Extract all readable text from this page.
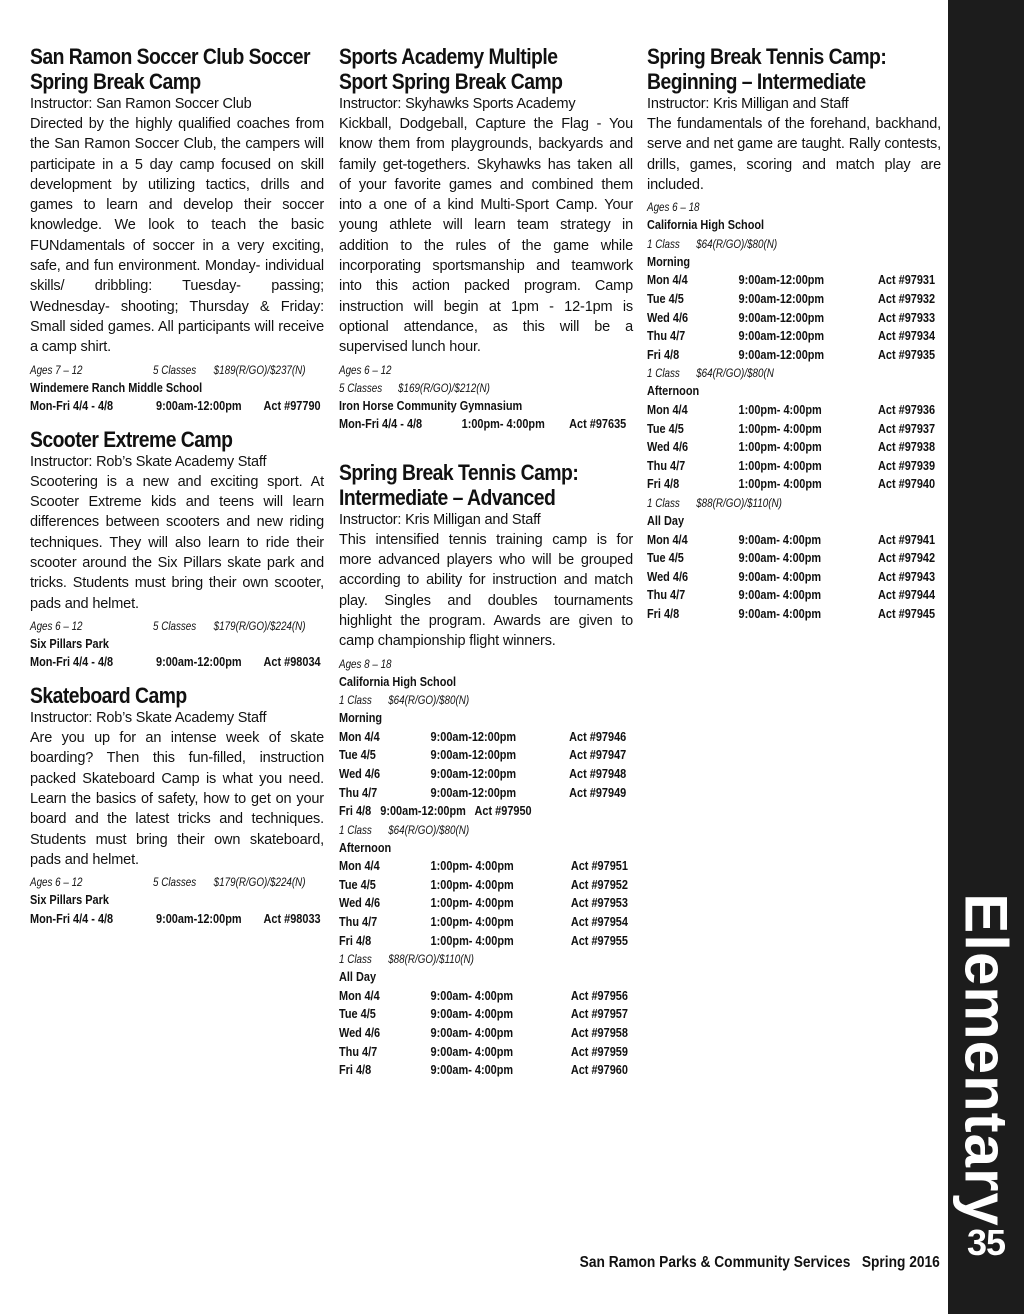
San Ramon Soccer Club Soccer
Spring Break Camp
Instructor: San Ramon Soccer Club
Directed by the highly qualified coaches from the San Ramon Soccer Club, the campers will participate in a 5 day camp focused on skill development by utilizing tactics, drills and games to learn and develop their soccer knowledge. We look to teach the basic FUNdamentals of soccer in a very exciting, safe, and fun environment. Monday- individual skills/ dribbling: Tuesday- passing; Wednesday- shooting; Thursday & Friday: Small sided games. All participants will receive a camp shirt.
Ages 7 – 12	5 Classes $189(R/GO)/$237(N)
Windemere Ranch Middle School
Mon-Fri 4/4 - 4/8	9:00am-12:00pm	Act #97790
Scooter Extreme Camp
Instructor: Rob’s Skate Academy Staff
Scootering is a new and exciting sport. At Scooter Extreme kids and teens will learn differences between scooters and new riding techniques. They will also learn to ride their scooter around the Six Pillars skate park and tricks. Students must bring their own scooter, pads and helmet.
Ages 6 – 12	5 Classes $179(R/GO)/$224(N)
Six Pillars Park
Mon-Fri 4/4 - 4/8	9:00am-12:00pm	Act #98034
Skateboard Camp
Instructor: Rob’s Skate Academy Staff
Are you up for an intense week of skate boarding? Then this fun-filled, instruction packed Skateboard Camp is what you need. Learn the basics of safety, how to get on your board and the latest tricks and techniques. Students must bring their own skateboard, pads and helmet.
Ages 6 – 12	5 Classes $179(R/GO)/$224(N)
Six Pillars Park
Mon-Fri 4/4 - 4/8	9:00am-12:00pm	Act #98033
Sports Academy Multiple
Sport Spring Break Camp
Instructor: Skyhawks Sports Academy
Kickball, Dodgeball, Capture the Flag - You know them from playgrounds, backyards and family get-togethers. Skyhawks has taken all of your favorite games and combined them into a one of a kind Multi-Sport Camp. Your young athlete will learn team strategy in addition to the rules of the game while incorporating sportsmanship and teamwork into this action packed program. Camp instruction will begin at 1pm - 12-1pm is optional attendance, as this will be a supervised lunch hour.
Ages 6 – 12
5 Classes $169(R/GO)/$212(N)
Iron Horse Community Gymnasium
Mon-Fri 4/4 - 4/8	1:00pm- 4:00pm	Act #97635
Spring Break Tennis Camp:
Intermediate – Advanced
Instructor: Kris Milligan and Staff
This intensified tennis training camp is for more advanced players who will be grouped according to ability for instruction and match play. Singles and doubles tournaments highlight the program. Awards are given to camp championship flight winners.
Ages 8 – 18
California High School
1 Class      $64(R/GO)/$80(N)
Morning
Mon 4/4	9:00am-12:00pm	Act #97946
Tue 4/5	9:00am-12:00pm	Act #97947
Wed 4/6	9:00am-12:00pm	Act #97948
Thu 4/7	9:00am-12:00pm	Act #97949
Fri 4/8   9:00am-12:00pm   Act #97950
1 Class      $64(R/GO)/$80(N)
Afternoon
Mon 4/4	1:00pm- 4:00pm	Act #97951
Tue 4/5	1:00pm- 4:00pm	Act #97952
Wed 4/6	1:00pm- 4:00pm	Act #97953
Thu 4/7	1:00pm- 4:00pm	Act #97954
Fri 4/8	1:00pm- 4:00pm	Act #97955
1 Class      $88(R/GO)/$110(N)
All Day
Mon 4/4	9:00am- 4:00pm	Act #97956
Tue 4/5	9:00am- 4:00pm	Act #97957
Wed 4/6	9:00am- 4:00pm	Act #97958
Thu 4/7	9:00am- 4:00pm	Act #97959
Fri 4/8	9:00am- 4:00pm	Act #97960
Spring Break Tennis Camp:
Beginning – Intermediate
Instructor: Kris Milligan and Staff
The fundamentals of the forehand, backhand, serve and net game are taught. Rally contests, drills, games, scoring and match play are included.
Ages 6 – 18
California High School
1 Class      $64(R/GO)/$80(N)
Morning
Mon 4/4	9:00am-12:00pm	Act #97931
Tue 4/5	9:00am-12:00pm	Act #97932
Wed 4/6	9:00am-12:00pm	Act #97933
Thu 4/7	9:00am-12:00pm	Act #97934
Fri 4/8	9:00am-12:00pm	Act #97935
1 Class      $64(R/GO)/$80(N
Afternoon
Mon 4/4	1:00pm- 4:00pm	Act #97936
Tue 4/5	1:00pm- 4:00pm	Act #97937
Wed 4/6	1:00pm- 4:00pm	Act #97938
Thu 4/7	1:00pm- 4:00pm	Act #97939
Fri 4/8	1:00pm- 4:00pm	Act #97940
1 Class      $88(R/GO)/$110(N)
All Day
Mon 4/4	9:00am- 4:00pm	Act #97941
Tue 4/5	9:00am- 4:00pm	Act #97942
Wed 4/6	9:00am- 4:00pm	Act #97943
Thu 4/7	9:00am- 4:00pm	Act #97944
Fri 4/8	9:00am- 4:00pm	Act #97945
Elementary
35
San Ramon Parks & Community Services   Spring 2016
